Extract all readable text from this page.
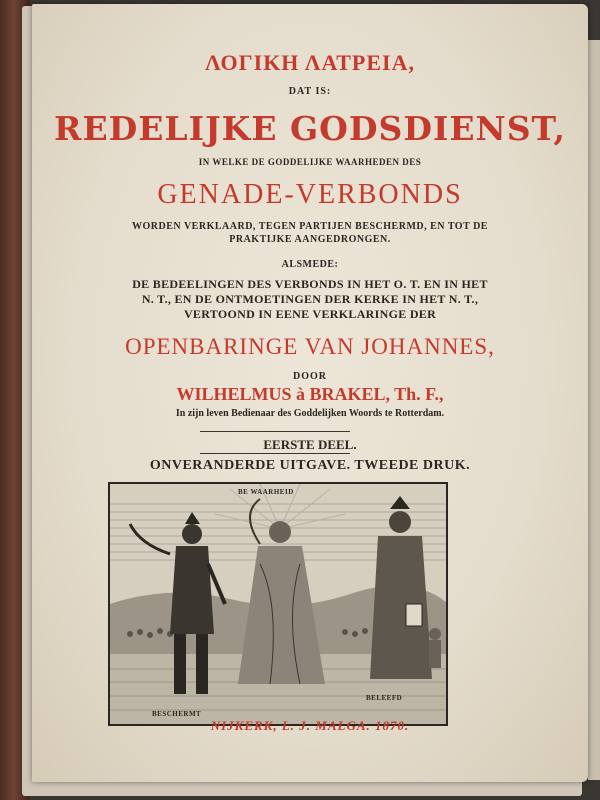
ΛΟΓΙΚΗ ΛΑΤΡΕΙΑ,
DAT IS:
REDELIJKE GODSDIENST,
IN WELKE DE GODDELIJKE WAARHEDEN DES
GENADE-VERBONDS
WORDEN VERKLAARD, TEGEN PARTIJEN BESCHERMD, EN TOT DE
PRAKTIJKE AANGEDRONGEN.
ALSMEDE:
DE BEDEELINGEN DES VERBONDS IN HET O. T. EN IN HET
N. T., EN DE ONTMOETINGEN DER KERKE IN HET N. T.,
VERTOOND IN EENE VERKLARINGE DER
OPENBARINGE VAN JOHANNES,
DOOR
WILHELMUS à BRAKEL, Th. F.,
In zijn leven Bedienaar des Goddelijken Woords te Rotterdam.
EERSTE DEEL.
ONVERANDERDE UITGAVE. TWEEDE DRUK.
BE WAARHEID
BESCHERMT
BELEEFD
NIJKERK, L. J. MALGA. 1870.
